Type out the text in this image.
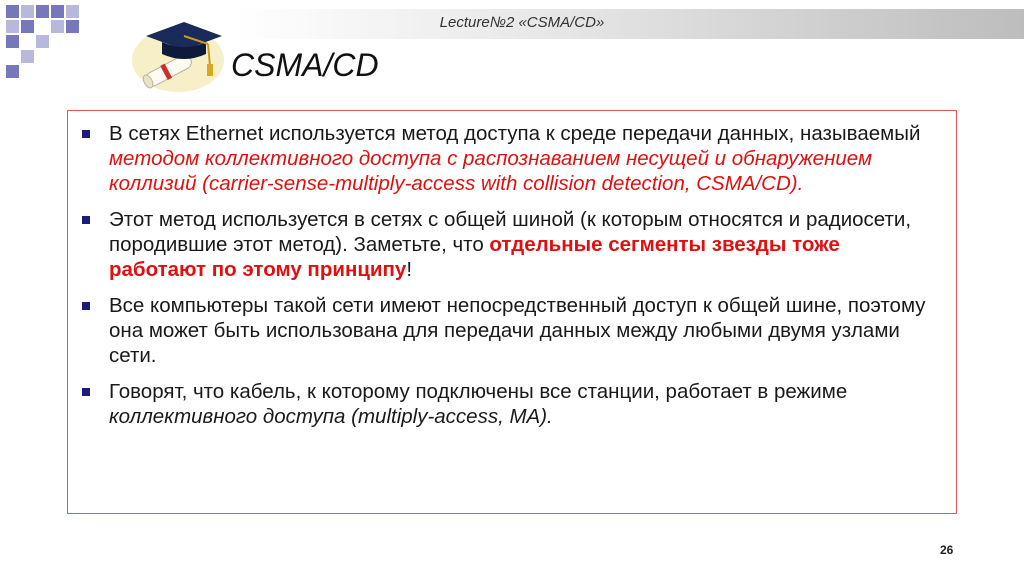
Lecture№2 «CSMA/CD»
CSMA/CD
В сетях Ethernet используется метод доступа к среде передачи данных, называемый методом коллективного доступа с распознаванием несущей и обнаружением коллизий (carrier-sense-multiply-access with collision detection, CSMA/CD).
Этот метод используется в сетях с общей шиной (к которым относятся и радиосети, породившие этот метод). Заметьте, что отдельные сегменты звезды тоже работают по этому принципу!
Все компьютеры такой сети имеют непосредственный доступ к общей шине, поэтому она может быть использована для передачи данных между любыми двумя узлами сети.
Говорят, что кабель, к которому подключены все станции, работает в режиме коллективного доступа (multiply-access, MA).
26
